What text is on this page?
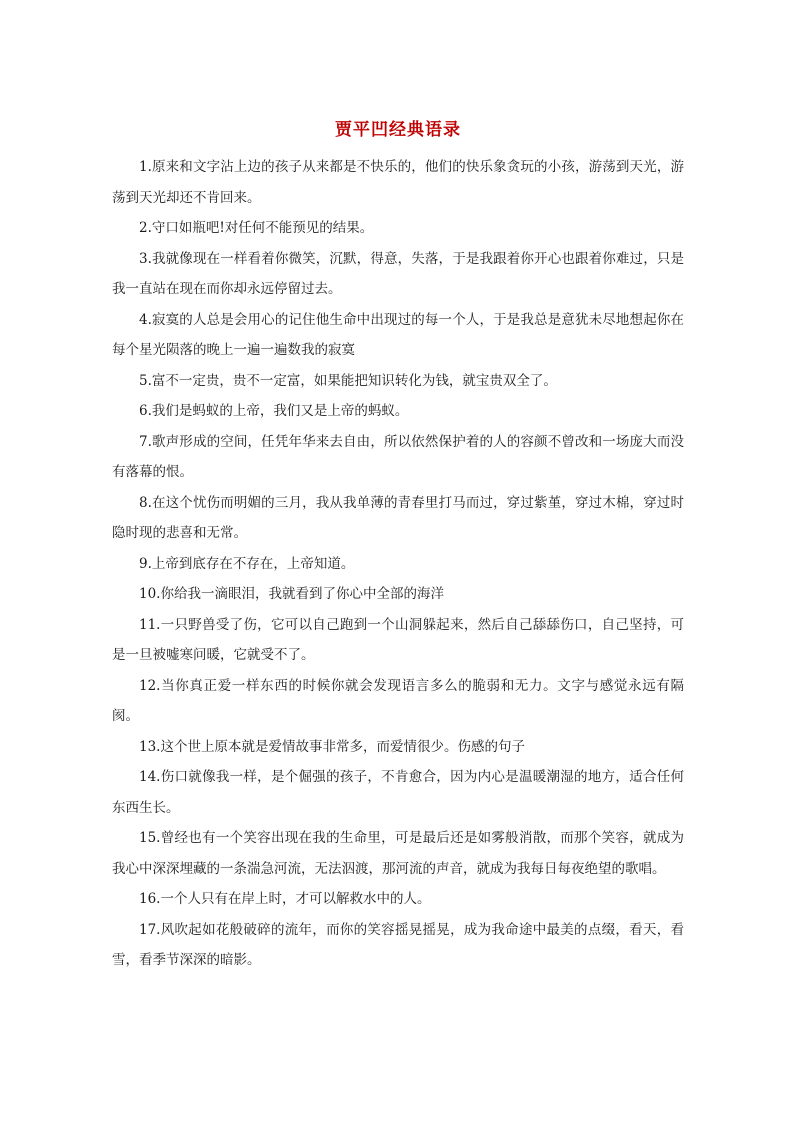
贾平凹经典语录

1.原来和文字沾上边的孩子从来都是不快乐的，他们的快乐象贪玩的小孩，游荡到天光，游荡到天光却还不肯回来。

2.守口如瓶吧!对任何不能预见的结果。

3.我就像现在一样看着你微笑，沉默，得意，失落，于是我跟着你开心也跟着你难过，只是我一直站在现在而你却永远停留过去。

4.寂寞的人总是会用心的记住他生命中出现过的每一个人，于是我总是意犹未尽地想起你在每个星光陨落的晚上一遍一遍数我的寂寞

5.富不一定贵，贵不一定富，如果能把知识转化为钱，就宝贵双全了。

6.我们是蚂蚁的上帝，我们又是上帝的蚂蚁。

7.歌声形成的空间，任凭年华来去自由，所以依然保护着的人的容颜不曾改和一场庞大而没有落幕的恨。

8.在这个忧伤而明媚的三月，我从我单薄的青春里打马而过，穿过紫堇，穿过木棉，穿过时隐时现的悲喜和无常。

9.上帝到底存在不存在，上帝知道。

10.你给我一滴眼泪，我就看到了你心中全部的海洋

11.一只野兽受了伤，它可以自己跑到一个山洞躲起来，然后自己舔舔伤口，自己坚持，可是一旦被嘘寒问暖，它就受不了。

12.当你真正爱一样东西的时候你就会发现语言多么的脆弱和无力。文字与感觉永远有隔阂。

13.这个世上原本就是爱情故事非常多，而爱情很少。伤感的句子

14.伤口就像我一样，是个倔强的孩子，不肯愈合，因为内心是温暖潮湿的地方，适合任何东西生长。

15.曾经也有一个笑容出现在我的生命里，可是最后还是如雾般消散，而那个笑容，就成为我心中深深埋藏的一条湍急河流，无法泅渡，那河流的声音，就成为我每日每夜绝望的歌唱。

16.一个人只有在岸上时，才可以解救水中的人。

17.风吹起如花般破碎的流年，而你的笑容摇晃摇晃，成为我命途中最美的点缀，看天，看雪，看季节深深的暗影。
